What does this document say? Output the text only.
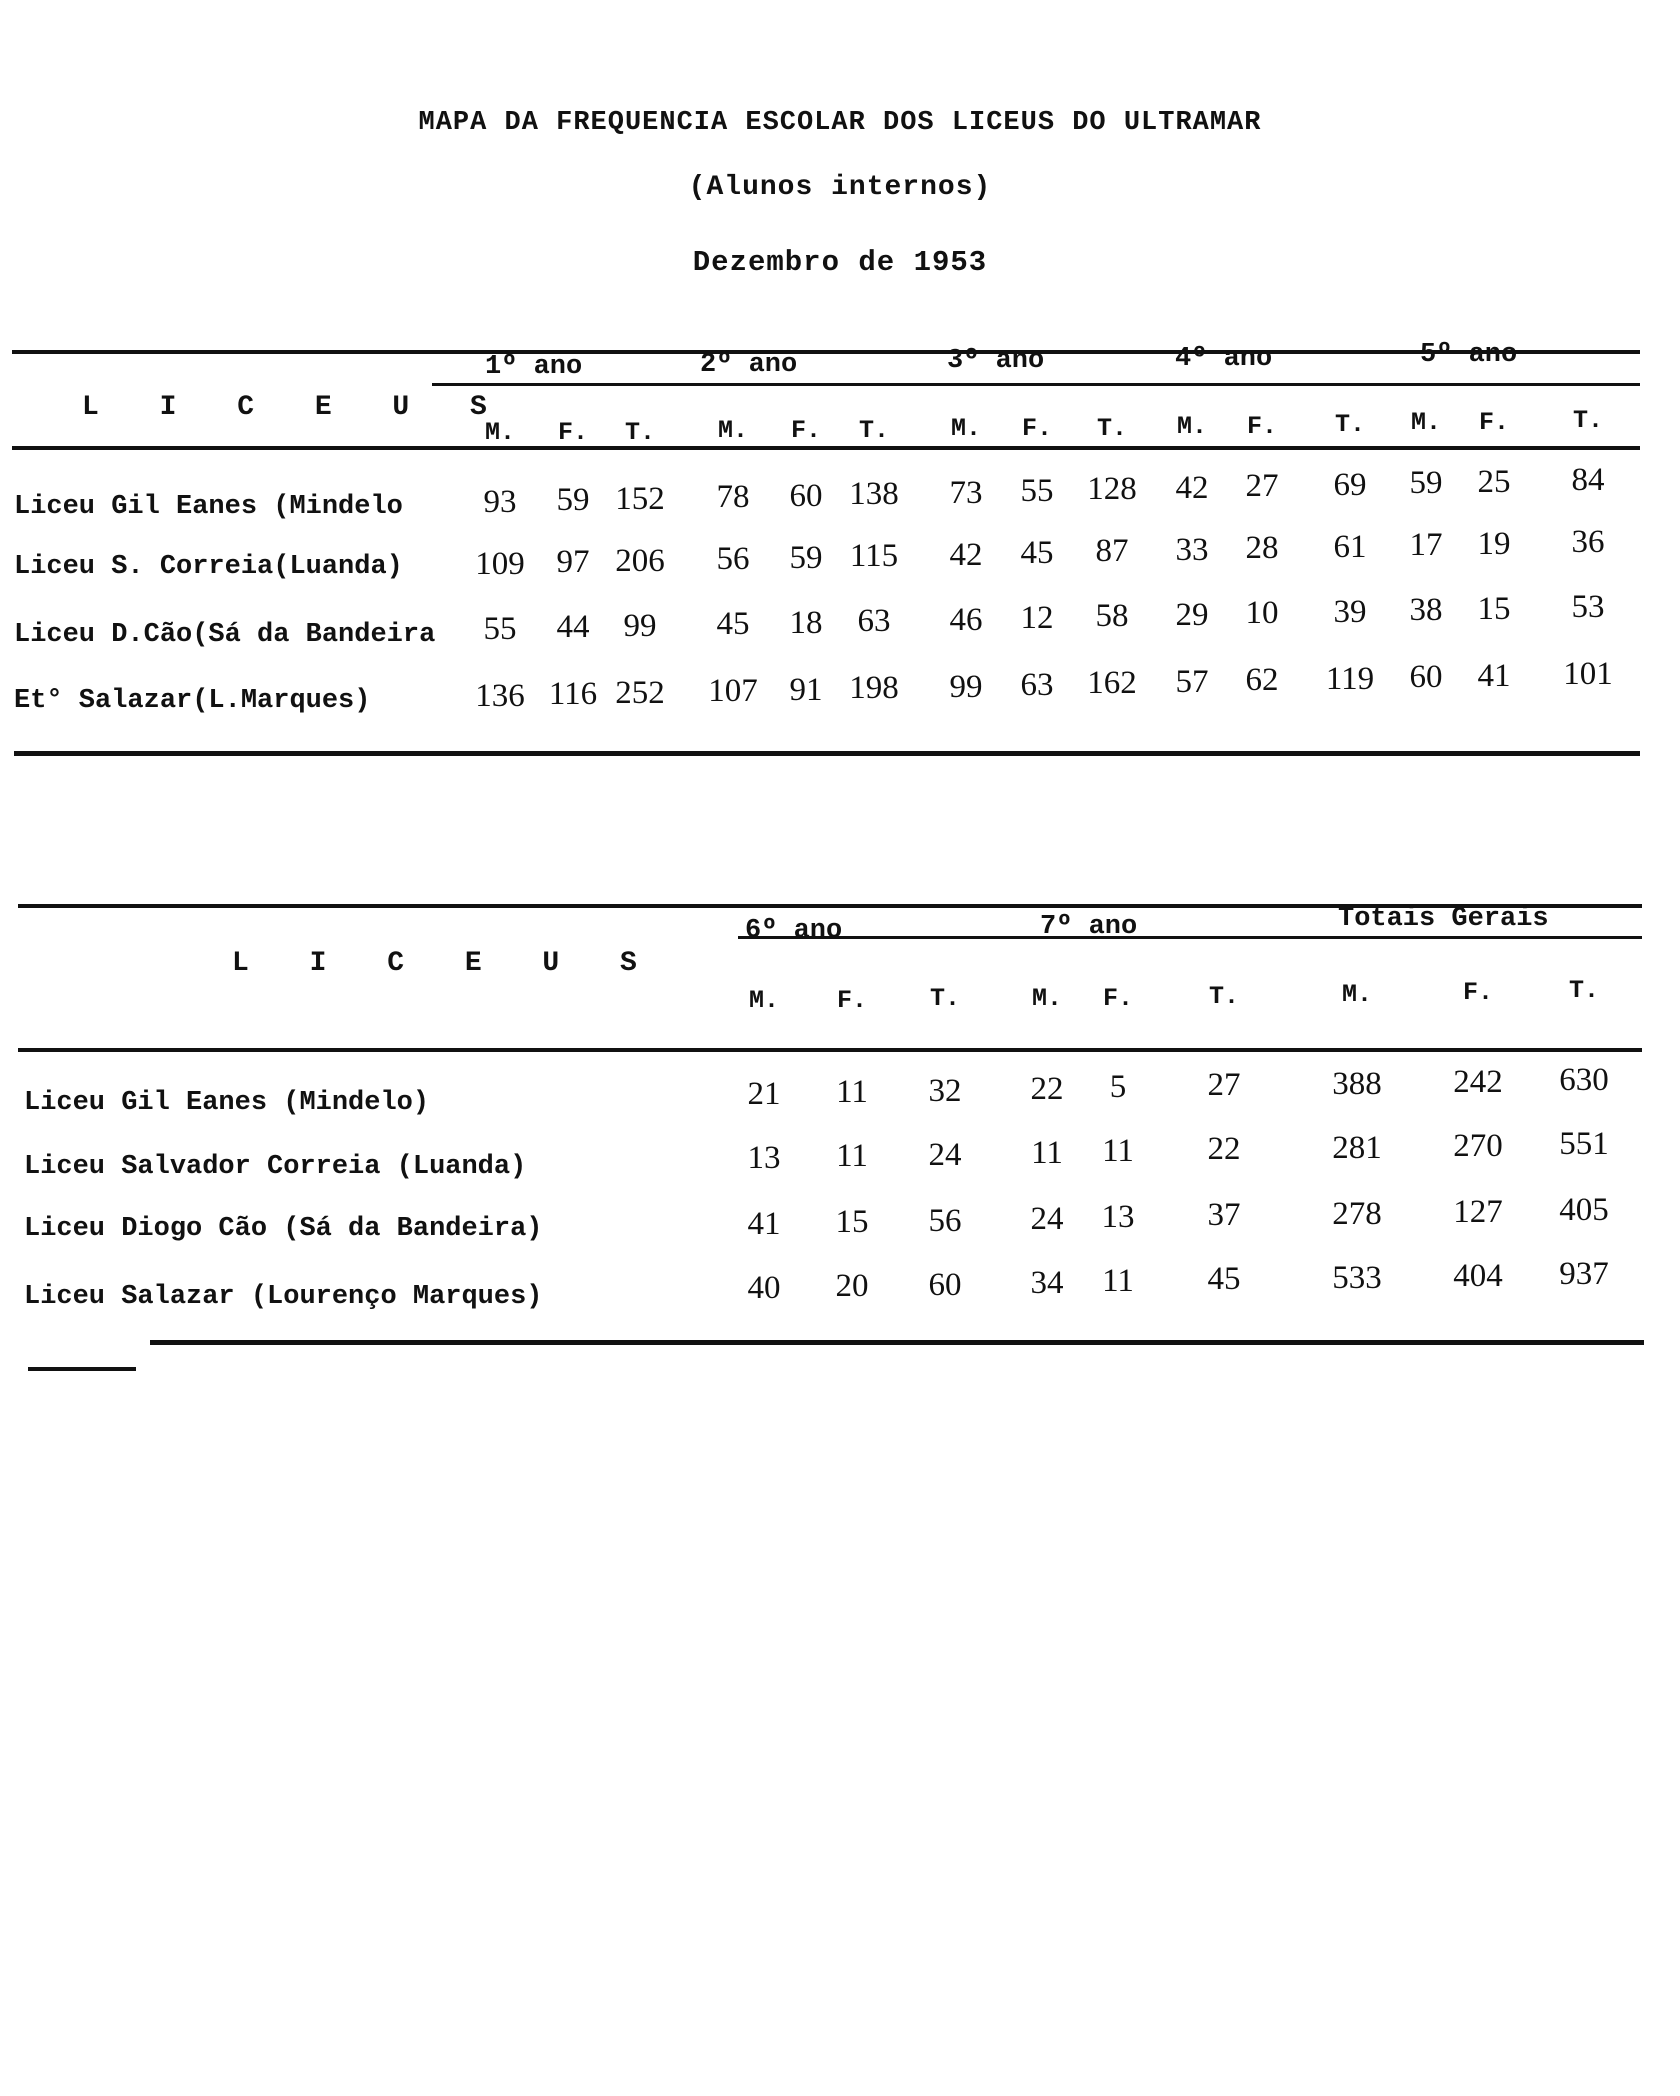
MAPA DA FREQUENCIA ESCOLAR DOS LICEUS DO ULTRAMAR
(Alunos internos)
Dezembro de 1953
L I C E U S
1º ano	2º ano	3º ano	4º ano	5º ano
M. F. T.	M. F. T. M. F. T. M. F. T. M. F.	T.
Liceu Gil Eanes (Mindelo 93 59 152 78 60 138 73 55 128 42 27 69 59 25 84
Liceu S. Correia(Luanda) 109 97 206 56 59 115 42 45 87 33 28 61 17 19 36
Liceu D.Cão(Sá da Bandeira 55 44 99 45 18 63 46 12 58 29 10 39 38 15 53
Et° Salazar(L.Marques)	136 116 252 107 91 198 99 63 162 57 62 119 60 41 101
L I C E U S
6º ano	7º ano	Totais Gerais
M. F.	T.	M. F.	T.	M.	F.	T.
Liceu Gil Eanes (Mindelo)	21 11 32 22 5 27	388 242 630
Liceu Salvador Correia (Luanda)	13 11 24 11 11 22	281 270 551
Liceu Diogo Cão (Sá da Bandeira)	41 15 56 24 13 37	278 127 405
Liceu Salazar (Lourenço Marques)	40 20 60 34 11 45	533 404 937
